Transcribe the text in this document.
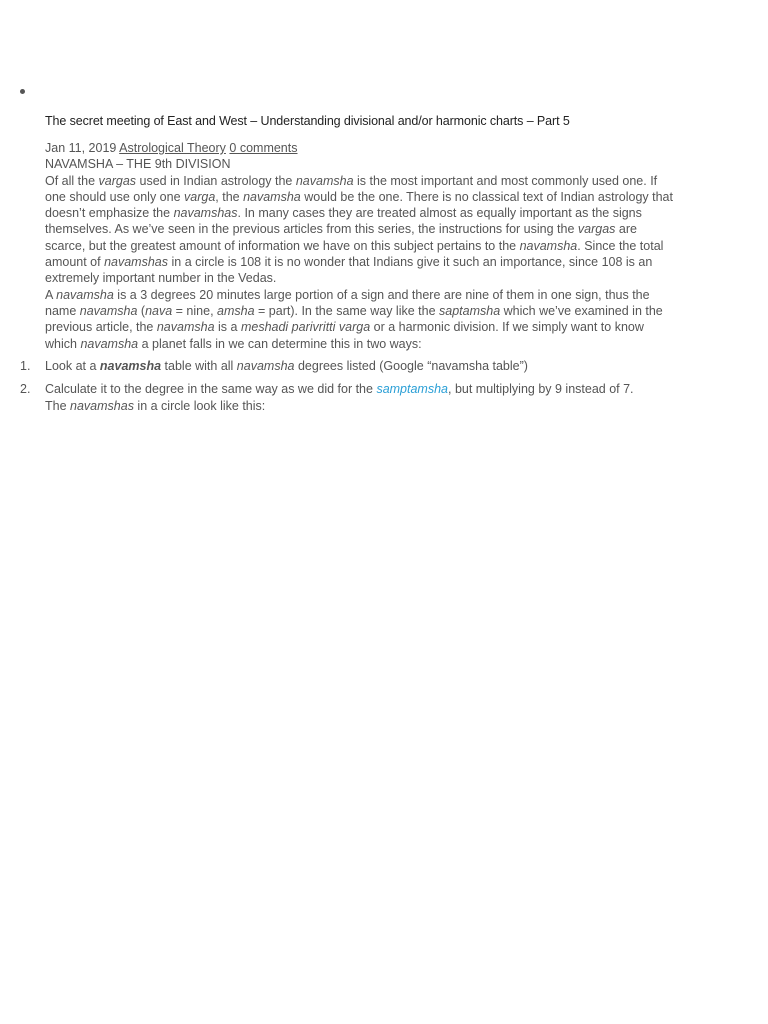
The secret meeting of East and West – Understanding divisional and/or harmonic charts – Part 5
Jan 11, 2019 Astrological Theory 0 comments
NAVAMSHA – THE 9th DIVISION

Of all the vargas used in Indian astrology the navamsha is the most important and most commonly used one. If one should use only one varga, the navamsha would be the one. There is no classical text of Indian astrology that doesn’t emphasize the navamshas. In many cases they are treated almost as equally important as the signs themselves. As we’ve seen in the previous articles from this series, the instructions for using the vargas are scarce, but the greatest amount of information we have on this subject pertains to the navamsha. Since the total amount of navamshas in a circle is 108 it is no wonder that Indians give it such an importance, since 108 is an extremely important number in the Vedas.

A navamsha is a 3 degrees 20 minutes large portion of a sign and there are nine of them in one sign, thus the name navamsha (nava = nine, amsha = part). In the same way like the saptamsha which we’ve examined in the previous article, the navamsha is a meshadi parivritti varga or a harmonic division. If we simply want to know which navamsha a planet falls in we can determine this in two ways:

1. Look at a navamsha table with all navamsha degrees listed (Google “navamsha table”)
2. Calculate it to the degree in the same way as we did for the samptamsha, but multiplying by 9 instead of 7.
The navamshas in a circle look like this:
